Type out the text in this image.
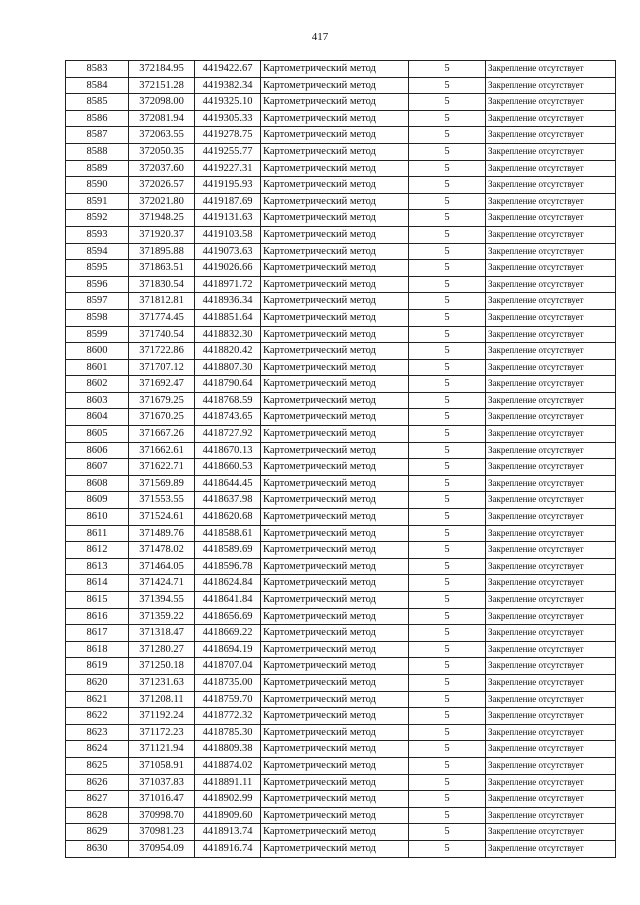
417
8583	372184.95	4419422.67	Картометрический метод	5	Закрепление отсутствует
8584	372151.28	4419382.34	Картометрический метод	5	Закрепление отсутствует
8585	372098.00	4419325.10	Картометрический метод	5	Закрепление отсутствует
8586	372081.94	4419305.33	Картометрический метод	5	Закрепление отсутствует
8587	372063.55	4419278.75	Картометрический метод	5	Закрепление отсутствует
8588	372050.35	4419255.77	Картометрический метод	5	Закрепление отсутствует
8589	372037.60	4419227.31	Картометрический метод	5	Закрепление отсутствует
8590	372026.57	4419195.93	Картометрический метод	5	Закрепление отсутствует
8591	372021.80	4419187.69	Картометрический метод	5	Закрепление отсутствует
8592	371948.25	4419131.63	Картометрический метод	5	Закрепление отсутствует
8593	371920.37	4419103.58	Картометрический метод	5	Закрепление отсутствует
8594	371895.88	4419073.63	Картометрический метод	5	Закрепление отсутствует
8595	371863.51	4419026.66	Картометрический метод	5	Закрепление отсутствует
8596	371830.54	4418971.72	Картометрический метод	5	Закрепление отсутствует
8597	371812.81	4418936.34	Картометрический метод	5	Закрепление отсутствует
8598	371774.45	4418851.64	Картометрический метод	5	Закрепление отсутствует
8599	371740.54	4418832.30	Картометрический метод	5	Закрепление отсутствует
8600	371722.86	4418820.42	Картометрический метод	5	Закрепление отсутствует
8601	371707.12	4418807.30	Картометрический метод	5	Закрепление отсутствует
8602	371692.47	4418790.64	Картометрический метод	5	Закрепление отсутствует
8603	371679.25	4418768.59	Картометрический метод	5	Закрепление отсутствует
8604	371670.25	4418743.65	Картометрический метод	5	Закрепление отсутствует
8605	371667.26	4418727.92	Картометрический метод	5	Закрепление отсутствует
8606	371662.61	4418670.13	Картометрический метод	5	Закрепление отсутствует
8607	371622.71	4418660.53	Картометрический метод	5	Закрепление отсутствует
8608	371569.89	4418644.45	Картометрический метод	5	Закрепление отсутствует
8609	371553.55	4418637.98	Картометрический метод	5	Закрепление отсутствует
8610	371524.61	4418620.68	Картометрический метод	5	Закрепление отсутствует
8611	371489.76	4418588.61	Картометрический метод	5	Закрепление отсутствует
8612	371478.02	4418589.69	Картометрический метод	5	Закрепление отсутствует
8613	371464.05	4418596.78	Картометрический метод	5	Закрепление отсутствует
8614	371424.71	4418624.84	Картометрический метод	5	Закрепление отсутствует
8615	371394.55	4418641.84	Картометрический метод	5	Закрепление отсутствует
8616	371359.22	4418656.69	Картометрический метод	5	Закрепление отсутствует
8617	371318.47	4418669.22	Картометрический метод	5	Закрепление отсутствует
8618	371280.27	4418694.19	Картометрический метод	5	Закрепление отсутствует
8619	371250.18	4418707.04	Картометрический метод	5	Закрепление отсутствует
8620	371231.63	4418735.00	Картометрический метод	5	Закрепление отсутствует
8621	371208.11	4418759.70	Картометрический метод	5	Закрепление отсутствует
8622	371192.24	4418772.32	Картометрический метод	5	Закрепление отсутствует
8623	371172.23	4418785.30	Картометрический метод	5	Закрепление отсутствует
8624	371121.94	4418809.38	Картометрический метод	5	Закрепление отсутствует
8625	371058.91	4418874.02	Картометрический метод	5	Закрепление отсутствует
8626	371037.83	4418891.11	Картометрический метод	5	Закрепление отсутствует
8627	371016.47	4418902.99	Картометрический метод	5	Закрепление отсутствует
8628	370998.70	4418909.60	Картометрический метод	5	Закрепление отсутствует
8629	370981.23	4418913.74	Картометрический метод	5	Закрепление отсутствует
8630	370954.09	4418916.74	Картометрический метод	5	Закрепление отсутствует
